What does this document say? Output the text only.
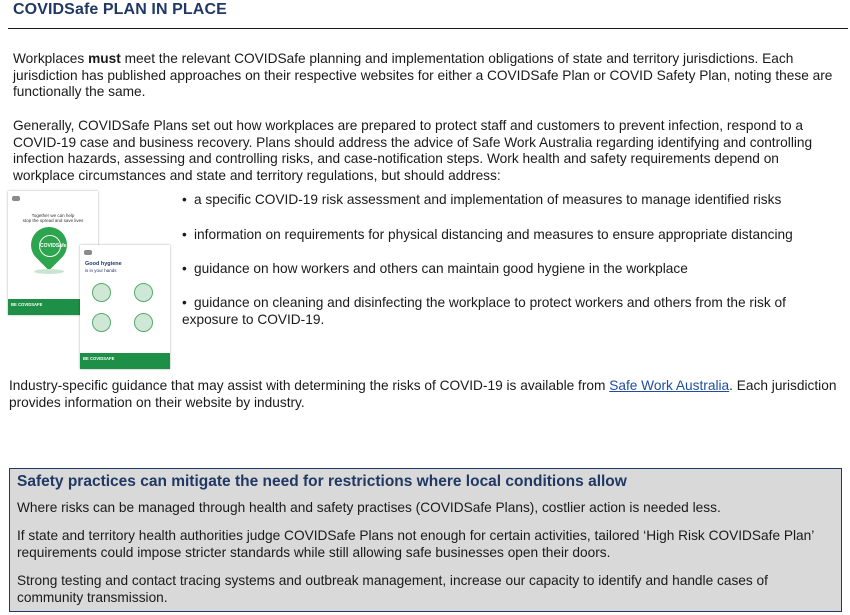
COVIDSafe PLAN IN PLACE

Workplaces must meet the relevant COVIDSafe planning and implementation obligations of state and territory jurisdictions. Each jurisdiction has published approaches on their respective websites for either a COVIDSafe Plan or COVID Safety Plan, noting these are functionally the same.

Generally, COVIDSafe Plans set out how workplaces are prepared to protect staff and customers to prevent infection, respond to a COVID-19 case and business recovery. Plans should address the advice of Safe Work Australia regarding identifying and controlling infection hazards, assessing and controlling risks, and case-notification steps. Work health and safety requirements depend on workplace circumstances and state and territory regulations, but should address:

Together we can help
stop the spread and save lives
COVIDSafe
BE COVIDSAFE
Good hygiene
is in your hands
BE COVIDSAFE
• a specific COVID-19 risk assessment and implementation of measures to manage identified risks
• information on requirements for physical distancing and measures to ensure appropriate distancing
• guidance on how workers and others can maintain good hygiene in the workplace
• guidance on cleaning and disinfecting the workplace to protect workers and others from the risk of exposure to COVID-19.

Industry-specific guidance that may assist with determining the risks of COVID-19 is available from Safe Work Australia. Each jurisdiction provides information on their website by industry.

Safety practices can mitigate the need for restrictions where local conditions allow

Where risks can be managed through health and safety practises (COVIDSafe Plans), costlier action is needed less.

If state and territory health authorities judge COVIDSafe Plans not enough for certain activities, tailored ‘High Risk COVIDSafe Plan’ requirements could impose stricter standards while still allowing safe businesses open their doors.

Strong testing and contact tracing systems and outbreak management, increase our capacity to identify and handle cases of community transmission.
